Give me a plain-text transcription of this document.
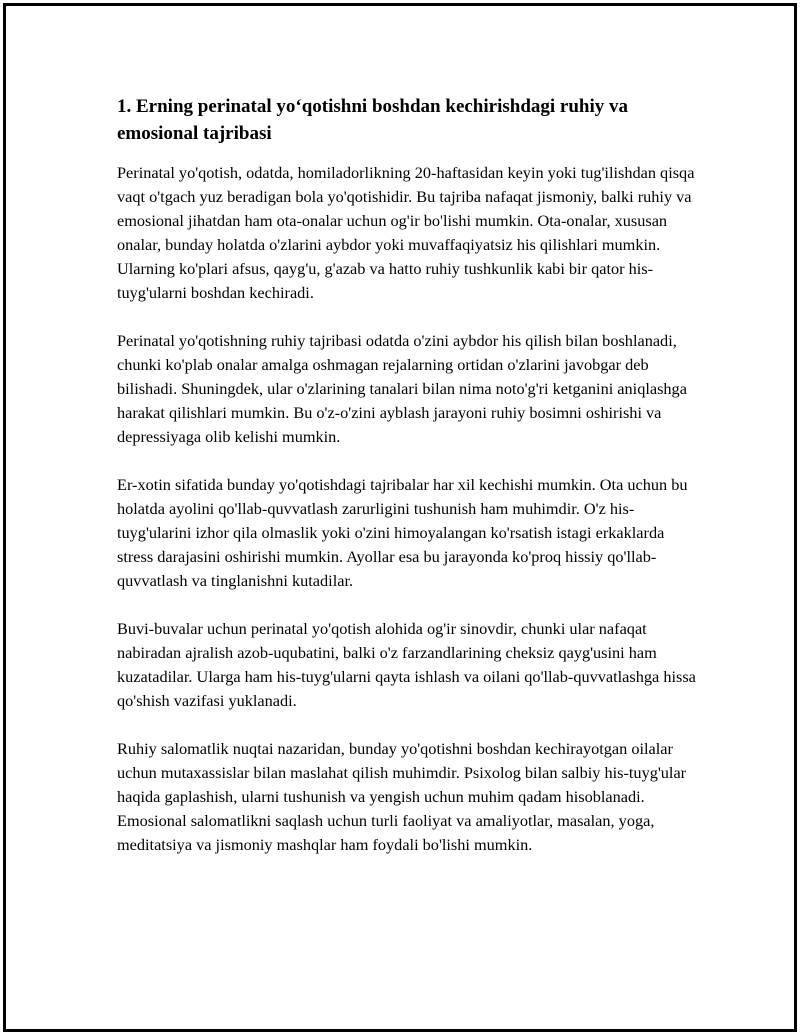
1. Erning perinatal yo‘qotishni boshdan kechirishdagi ruhiy va emosional tajribasi

Perinatal yo'qotish, odatda, homiladorlikning 20-haftasidan keyin yoki tug'ilishdan qisqa vaqt o'tgach yuz beradigan bola yo'qotishidir. Bu tajriba nafaqat jismoniy, balki ruhiy va emosional jihatdan ham ota-onalar uchun og'ir bo'lishi mumkin. Ota-onalar, xususan onalar, bunday holatda o'zlarini aybdor yoki muvaffaqiyatsiz his qilishlari mumkin. Ularning ko'plari afsus, qayg'u, g'azab va hatto ruhiy tushkunlik kabi bir qator his-tuyg'ularni boshdan kechiradi.

Perinatal yo'qotishning ruhiy tajribasi odatda o'zini aybdor his qilish bilan boshlanadi, chunki ko'plab onalar amalga oshmagan rejalarning ortidan o'zlarini javobgar deb bilishadi. Shuningdek, ular o'zlarining tanalari bilan nima noto'g'ri ketganini aniqlashga harakat qilishlari mumkin. Bu o'z-o'zini ayblash jarayoni ruhiy bosimni oshirishi va depressiyaga olib kelishi mumkin.

Er-xotin sifatida bunday yo'qotishdagi tajribalar har xil kechishi mumkin. Ota uchun bu holatda ayolini qo'llab-quvvatlash zarurligini tushunish ham muhimdir. O'z his-tuyg'ularini izhor qila olmaslik yoki o'zini himoyalangan ko'rsatish istagi erkaklarda stress darajasini oshirishi mumkin. Ayollar esa bu jarayonda ko'proq hissiy qo'llab-quvvatlash va tinglanishni kutadilar.

Buvi-buvalar uchun perinatal yo'qotish alohida og'ir sinovdir, chunki ular nafaqat nabiradan ajralish azob-uqubatini, balki o'z farzandlarining cheksiz qayg'usini ham kuzatadilar. Ularga ham his-tuyg'ularni qayta ishlash va oilani qo'llab-quvvatlashga hissa qo'shish vazifasi yuklanadi.

Ruhiy salomatlik nuqtai nazaridan, bunday yo'qotishni boshdan kechirayotgan oilalar uchun mutaxassislar bilan maslahat qilish muhimdir. Psixolog bilan salbiy his-tuyg'ular haqida gaplashish, ularni tushunish va yengish uchun muhim qadam hisoblanadi. Emosional salomatlikni saqlash uchun turli faoliyat va amaliyotlar, masalan, yoga, meditatsiya va jismoniy mashqlar ham foydali bo'lishi mumkin.
